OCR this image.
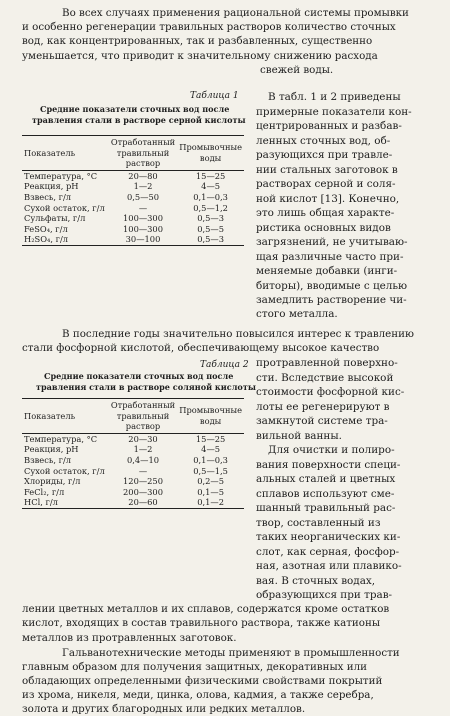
Во всех случаях применения рациональной системы промывки
и особенно регенерации травильных растворов количество сточных
вод, как концентрированных, так и разбавленных, существенно
уменьшается, что приводит к значительному снижению расхода
свежей воды.
Таблица 1
Средние показатели сточных вод после
травления стали в растворе серной кислоты
Показатель	Отработанный травильный раствор	Промывочные воды
Температура, °С	20—80	15—25
Реакция, pH	1—2	4—5
Взвесь, г/л	0,5—50	0,1—0,3
Сухой остаток, г/л	—	0,5—1,2
Сульфаты, г/л	100—300	0,5—3
FeSO₄, г/л	100—300	0,5—5
H₂SO₄, г/л	30—100	0,5—3
В табл. 1 и 2 приведены
примерные показатели кон-
центрированных и разбав-
ленных сточных вод, об-
разующихся при травле-
нии стальных заготовок в
растворах серной и соля-
ной кислот [13]. Конечно,
это лишь общая характе-
ристика основных видов
загрязнений, не учитываю-
щая различные часто при-
меняемые добавки (инги-
биторы), вводимые с целью
замедлить растворение чи-
стого металла.
В последние годы значительно повысился интерес к травлению
стали фосфорной кислотой, обеспечивающему высокое качество
Таблица 2
Средние показатели сточных вод после
травления стали в растворе соляной кислоты
Показатель	Отработанный травильный раствор	Промывочные воды
Температура, °С	20—30	15—25
Реакция, pH	1—2	4—5
Взвесь, г/л	0,4—10	0,1—0,3
Сухой остаток, г/л	—	0,5—1,5
Хлориды, г/л	120—250	0,2—5
FeCl₂, г/л	200—300	0,1—5
HCl, г/л	20—60	0,1—2
протравленной поверхно-
сти. Вследствие высокой
стоимости фосфорной кис-
лоты ее регенерируют в
замкнутой системе тра-
вильной ванны.
Для очистки и полиро-
вания поверхности специ-
альных сталей и цветных
сплавов используют сме-
шанный травильный рас-
твор, составленный из
таких неорганических ки-
слот, как серная, фосфор-
ная, азотная или плавико-
вая. В сточных водах,
образующихся при трав-
лении цветных металлов и их сплавов, содержатся кроме остатков
кислот, входящих в состав травильного раствора, также катионы
металлов из протравленных заготовок.
Гальванотехнические методы применяют в промышленности
главным образом для получения защитных, декоративных или
обладающих определенными физическими свойствами покрытий
из хрома, никеля, меди, цинка, олова, кадмия, а также серебра,
золота и других благородных или редких металлов.
